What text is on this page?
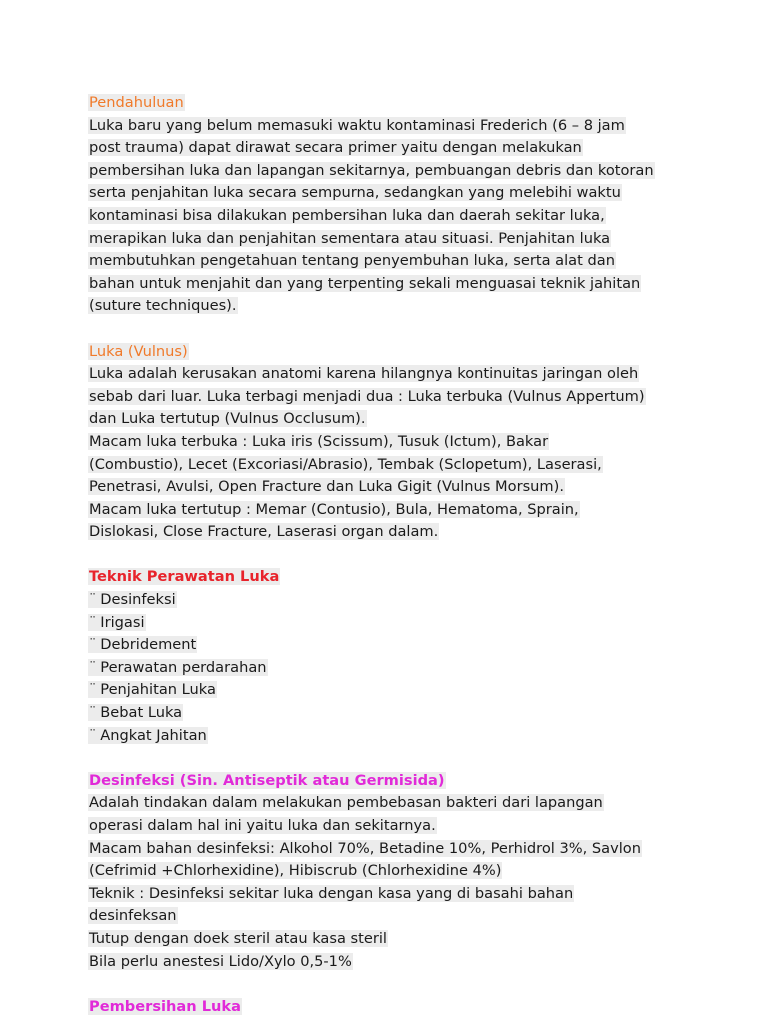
Pendahuluan
Luka baru yang belum memasuki waktu kontaminasi Frederich (6 – 8 jam
post trauma) dapat dirawat secara primer yaitu dengan melakukan
pembersihan luka dan lapangan sekitarnya, pembuangan debris dan kotoran
serta penjahitan luka secara sempurna, sedangkan yang melebihi waktu
kontaminasi bisa dilakukan pembersihan luka dan daerah sekitar luka,
merapikan luka dan penjahitan sementara atau situasi. Penjahitan luka
membutuhkan pengetahuan tentang penyembuhan luka, serta alat dan
bahan untuk menjahit dan yang terpenting sekali menguasai teknik jahitan
(suture techniques).
Luka (Vulnus)
Luka adalah kerusakan anatomi karena hilangnya kontinuitas jaringan oleh
sebab dari luar. Luka terbagi menjadi dua : Luka terbuka (Vulnus Appertum)
dan Luka tertutup (Vulnus Occlusum).
Macam luka terbuka : Luka iris (Scissum), Tusuk (Ictum), Bakar
(Combustio), Lecet (Excoriasi/Abrasio), Tembak (Sclopetum), Laserasi,
Penetrasi, Avulsi, Open Fracture dan Luka Gigit (Vulnus Morsum).
Macam luka tertutup : Memar (Contusio), Bula, Hematoma, Sprain,
Dislokasi, Close Fracture, Laserasi organ dalam.
Teknik Perawatan Luka
¨ Desinfeksi
¨ Irigasi
¨ Debridement
¨ Perawatan perdarahan
¨ Penjahitan Luka
¨ Bebat Luka
¨ Angkat Jahitan
Desinfeksi (Sin. Antiseptik atau Germisida)
Adalah tindakan dalam melakukan pembebasan bakteri dari lapangan
operasi dalam hal ini yaitu luka dan sekitarnya.
Macam bahan desinfeksi: Alkohol 70%, Betadine 10%, Perhidrol 3%, Savlon
(Cefrimid +Chlorhexidine), Hibiscrub (Chlorhexidine 4%)
Teknik : Desinfeksi sekitar luka dengan kasa yang di basahi bahan
desinfeksan
Tutup dengan doek steril atau kasa steril
Bila perlu anestesi Lido/Xylo 0,5-1%
Pembersihan Luka
